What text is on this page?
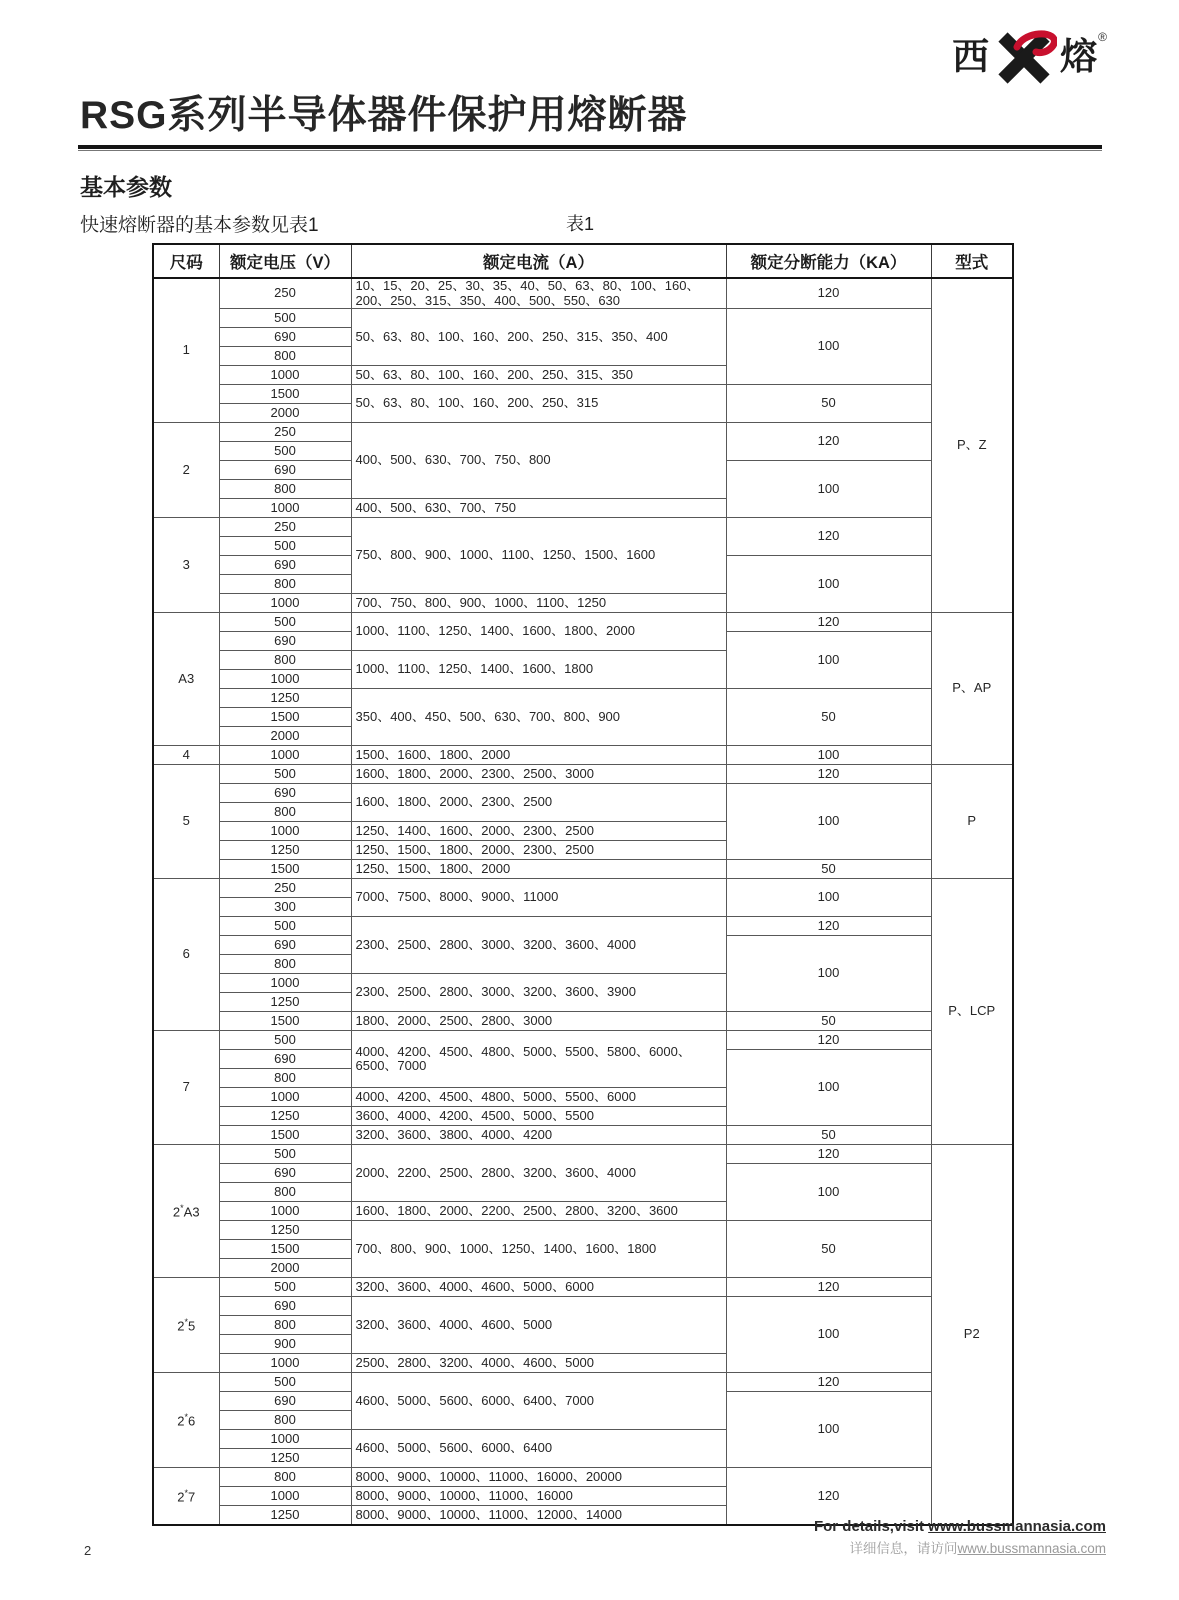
西 熔 ®
RSG系列半导体器件保护用熔断器
基本参数
快速熔断器的基本参数见表1	表1
尺码	额定电压（V）	额定电流（A）	额定分断能力（KA）	型式
1	250	10、15、20、25、30、35、40、50、63、80、100、160、200、250、315、350、400、500、550、630	120	P、Z
	500	50、63、80、100、160、200、250、315、350、400	100	
	690			
	800			
	1000	50、63、80、100、160、200、250、315、350		
	1500	50、63、80、100、160、200、250、315	50	
	2000			
2	250	400、500、630、700、750、800	120	
	500			
	690		100	
	800			
	1000	400、500、630、700、750		
3	250	750、800、900、1000、1100、1250、1500、1600	120	
	500			
	690		100	
	800			
	1000	700、750、800、900、1000、1100、1250		
A3	500	1000、1100、1250、1400、1600、1800、2000	120	P、AP
	690		100	
	800	1000、1100、1250、1400、1600、1800		
	1000			
	1250	350、400、450、500、630、700、800、900	50	
	1500			
	2000			
4	1000	1500、1600、1800、2000	100	
5	500	1600、1800、2000、2300、2500、3000	120	P
	690	1600、1800、2000、2300、2500	100	
	800			
	1000	1250、1400、1600、2000、2300、2500		
	1250	1250、1500、1800、2000、2300、2500		
	1500	1250、1500、1800、2000	50	
6	250	7000、7500、8000、9000、11000	100	P、LCP
	300			
	500	2300、2500、2800、3000、3200、3600、4000	120	
	690		100	
	800			
	1000	2300、2500、2800、3000、3200、3600、3900		
	1250			
	1500	1800、2000、2500、2800、3000	50	
7	500	4000、4200、4500、4800、5000、5500、5800、6000、6500、7000	120	
	690		100	
	800			
	1000	4000、4200、4500、4800、5000、5500、6000		
	1250	3600、4000、4200、4500、5000、5500		
	1500	3200、3600、3800、4000、4200	50	
2*A3	500	2000、2200、2500、2800、3200、3600、4000	120	P2
	690		100	
	800			
	1000	1600、1800、2000、2200、2500、2800、3200、3600		
	1250	700、800、900、1000、1250、1400、1600、1800	50	
	1500			
	2000			
2*5	500	3200、3600、4000、4600、5000、6000	120	
	690	3200、3600、4000、4600、5000	100	
	800			
	900			
	1000	2500、2800、3200、4000、4600、5000		
2*6	500	4600、5000、5600、6000、6400、7000	120	
	690		100	
	800			
	1000	4600、5000、5600、6000、6400		
	1250			
2*7	800	8000、9000、10000、11000、16000、20000	120	
	1000	8000、9000、10000、11000、16000		
	1250	8000、9000、10000、11000、12000、14000		
For details,visit www.bussmannasia.com
详细信息，请访问www.bussmannasia.com
2
